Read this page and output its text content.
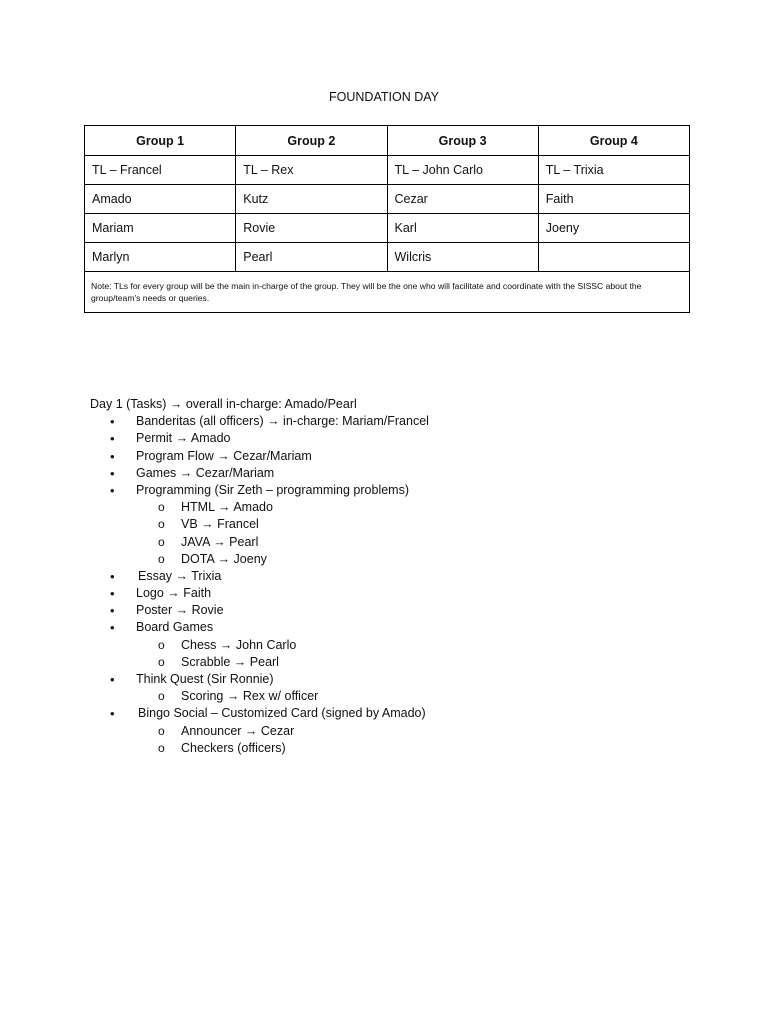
FOUNDATION DAY
Group 1	Group 2	Group 3	Group 4
TL – Francel	TL – Rex	TL – John Carlo	TL – Trixia
Amado	Kutz	Cezar	Faith
Mariam	Rovie	Karl	Joeny
Marlyn	Pearl	Wilcris	
Note: TLs for every group will be the main in-charge of the group. They will be the one who will facilitate and coordinate with the SISSC about the group/team's needs or queries.			
Day 1 (Tasks) → overall in-charge: Amado/Pearl
• Banderitas (all officers) → in-charge: Mariam/Francel
• Permit → Amado
• Program Flow → Cezar/Mariam
• Games → Cezar/Mariam
• Programming (Sir Zeth – programming problems)
o HTML → Amado
o VB → Francel
o JAVA → Pearl
o DOTA → Joeny
• Essay → Trixia
• Logo → Faith
• Poster → Rovie
• Board Games
o Chess → John Carlo
o Scrabble → Pearl
• Think Quest (Sir Ronnie)
o Scoring → Rex w/ officer
• Bingo Social – Customized Card (signed by Amado)
o Announcer → Cezar
o Checkers (officers)
